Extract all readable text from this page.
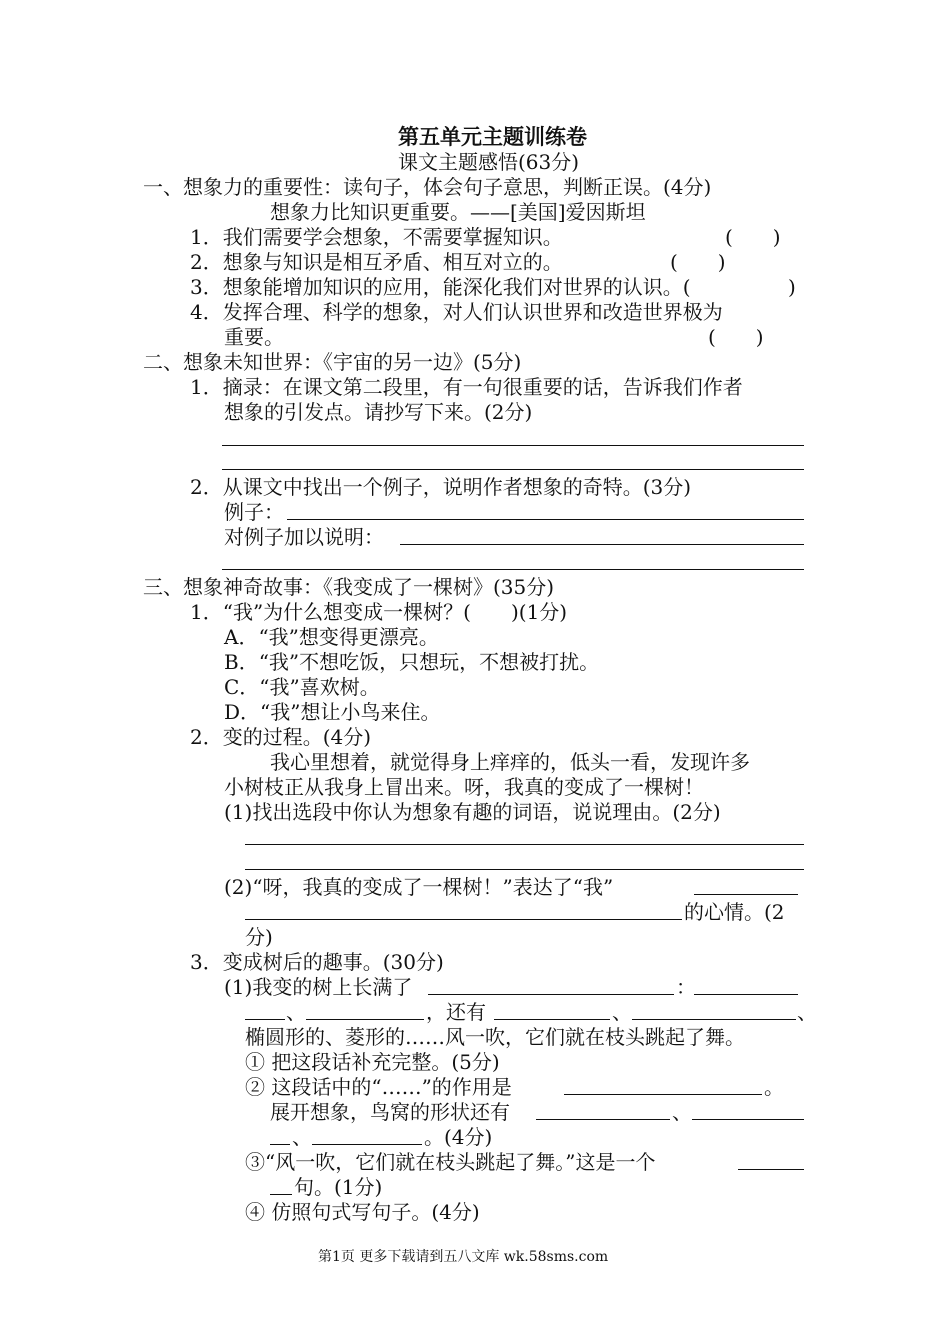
第五单元主题训练卷
课文主题感悟(63分)
一、想象力的重要性：读句子，体会句子意思，判断正误。(4分)
想象力比知识更重要。——[美国]爱因斯坦
1．我们需要学会想象，不需要掌握知识。	(　　)
2．想象与知识是相互矛盾、相互对立的。	(　　)
3．想象能增加知识的应用，能深化我们对世界的认识。(	)
4．发挥合理、科学的想象，对人们认识世界和改造世界极为
重要。	(　　)
二、想象未知世界：《宇宙的另一边》(5分)
1．摘录：在课文第二段里，有一句很重要的话，告诉我们作者
想象的引发点。请抄写下来。(2分)
2．从课文中找出一个例子，说明作者想象的奇特。(3分)
例子：
对例子加以说明：
三、想象神奇故事：《我变成了一棵树》(35分)
1．“我”为什么想变成一棵树？(　　)(1分)
A．“我”想变得更漂亮。
B．“我”不想吃饭，只想玩，不想被打扰。
C．“我”喜欢树。
D．“我”想让小鸟来住。
2．变的过程。(4分)
我心里想着，就觉得身上痒痒的，低头一看，发现许多
小树枝正从我身上冒出来。呀，我真的变成了一棵树！
(1)找出选段中你认为想象有趣的词语，说说理由。(2分)
(2)“呀，我真的变成了一棵树！”表达了“我”
的心情。(2
分)
3．变成树后的趣事。(30分)
(1)我变的树上长满了	：
、	，还有	、	、
椭圆形的、菱形的……风一吹，它们就在枝头跳起了舞。
① 把这段话补充完整。(5分)
② 这段话中的“……”的作用是	。
展开想象，鸟窝的形状还有	、
、	。(4分)
③“风一吹，它们就在枝头跳起了舞。”这是一个
句。(1分)
④ 仿照句式写句子。(4分)
第1页 更多下载请到五八文库 wk.58sms.com
